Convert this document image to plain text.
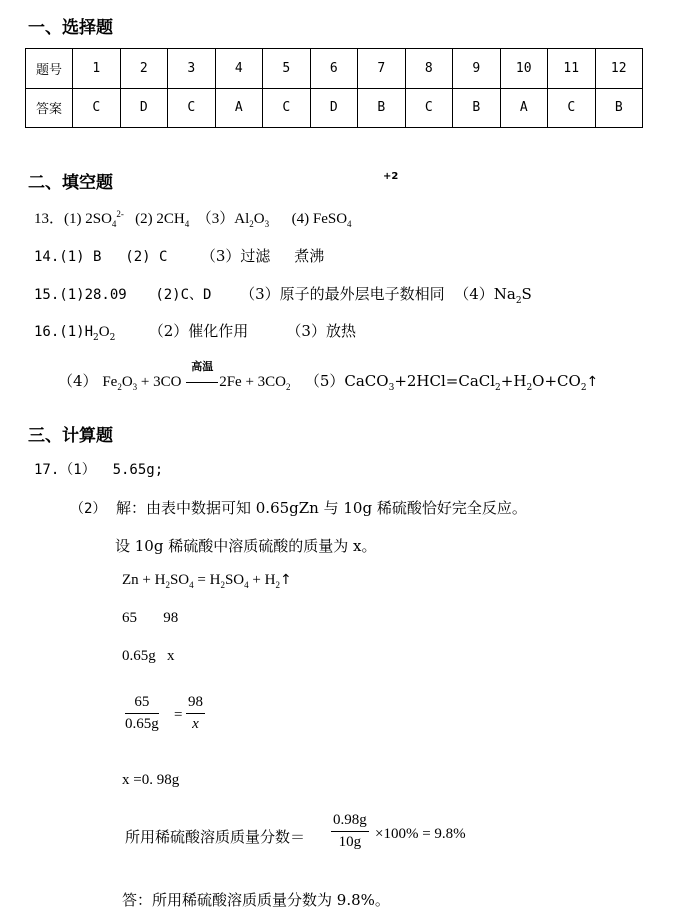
一、选择题
题号	1	2	3	4	5	6	7	8	9	10	11	12
答案	C	D	C	A	C	D	B	C	B	A	C	B
二、填空题	+2
13．(1) $2SO_4^{2-}$ (2) $2CH_4$ $(3)Al_2O_3$ (4) FeSO$_4$
14.(1) B (2) C （3）过滤 煮沸
15.(1)28.09 (2)C、D （3）原子的最外层电子数相同 $(4)Na_2S$
$16.(1)H_2O_2$ （2）催化作用	（3）放热
（4） $Fe_2O_3 + 3CO$
高温
$2Fe + 3CO_2$ $(5)CaCO_3+2HCl=CaCl_2+H_2O+CO_2↑$
三、计算题
17.（1） 5.65g;
（2） 解：由表中数据可知 0.65gZn 与 10g 稀硫酸恰好完全反应。
设 10g 稀硫酸中溶质硫酸的质量为 x。
$Zn + H_2SO_4 = H_2SO_4$ + $H_2↑$
65 98
0.65g x
$\frac{65}{0.65g} = \frac{98}{x}$
x =0. 98g
所用稀硫酸溶质质量分数＝ $\frac{0.98g}{10g} \times 100\% = 9.8\%$
答：所用稀硫酸溶质质量分数为 9.8%。
